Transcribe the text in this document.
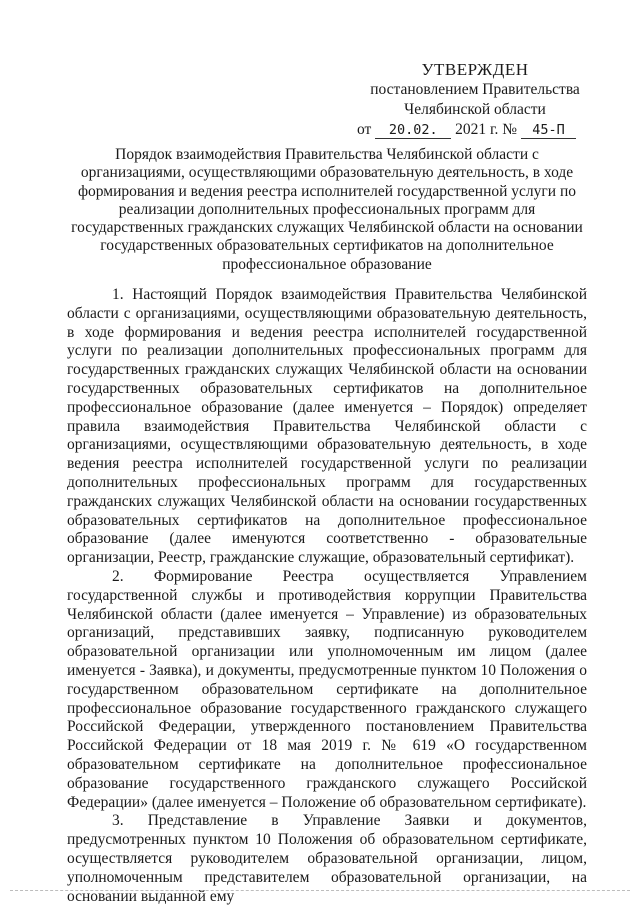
УТВЕРЖДЕН
постановлением Правительства
Челябинской области
от 20.02. 2021 г. № 45-П
Порядок взаимодействия Правительства Челябинской области с организациями, осуществляющими образовательную деятельность, в ходе формирования и ведения реестра исполнителей государственной услуги по реализации дополнительных профессиональных программ для государственных гражданских служащих Челябинской области на основании государственных образовательных сертификатов на дополнительное профессиональное образование

1. Настоящий Порядок взаимодействия Правительства Челябинской области с организациями, осуществляющими образовательную деятельность, в ходе формирования и ведения реестра исполнителей государственной услуги по реализации дополнительных профессиональных программ для государственных гражданских служащих Челябинской области на основании государственных образовательных сертификатов на дополнительное профессиональное образование (далее именуется – Порядок) определяет правила взаимодействия Правительства Челябинской области с организациями, осуществляющими образовательную деятельность, в ходе ведения реестра исполнителей государственной услуги по реализации дополнительных профессиональных программ для государственных гражданских служащих Челябинской области на основании государственных образовательных сертификатов на дополнительное профессиональное образование (далее именуются соответственно - образовательные организации, Реестр, гражданские служащие, образовательный сертификат).

2. Формирование Реестра осуществляется Управлением государственной службы и противодействия коррупции Правительства Челябинской области (далее именуется – Управление) из образовательных организаций, представивших заявку, подписанную руководителем образовательной организации или уполномоченным им лицом (далее именуется - Заявка), и документы, предусмотренные пунктом 10 Положения о государственном образовательном сертификате на дополнительное профессиональное образование государственного гражданского служащего Российской Федерации, утвержденного постановлением Правительства Российской Федерации от 18 мая 2019 г. № 619 «О государственном образовательном сертификате на дополнительное профессиональное образование государственного гражданского служащего Российской Федерации» (далее именуется – Положение об образовательном сертификате).

3. Представление в Управление Заявки и документов, предусмотренных пунктом 10 Положения об образовательном сертификате, осуществляется руководителем образовательной организации, лицом, уполномоченным представителем образовательной организации, на основании выданной ему
